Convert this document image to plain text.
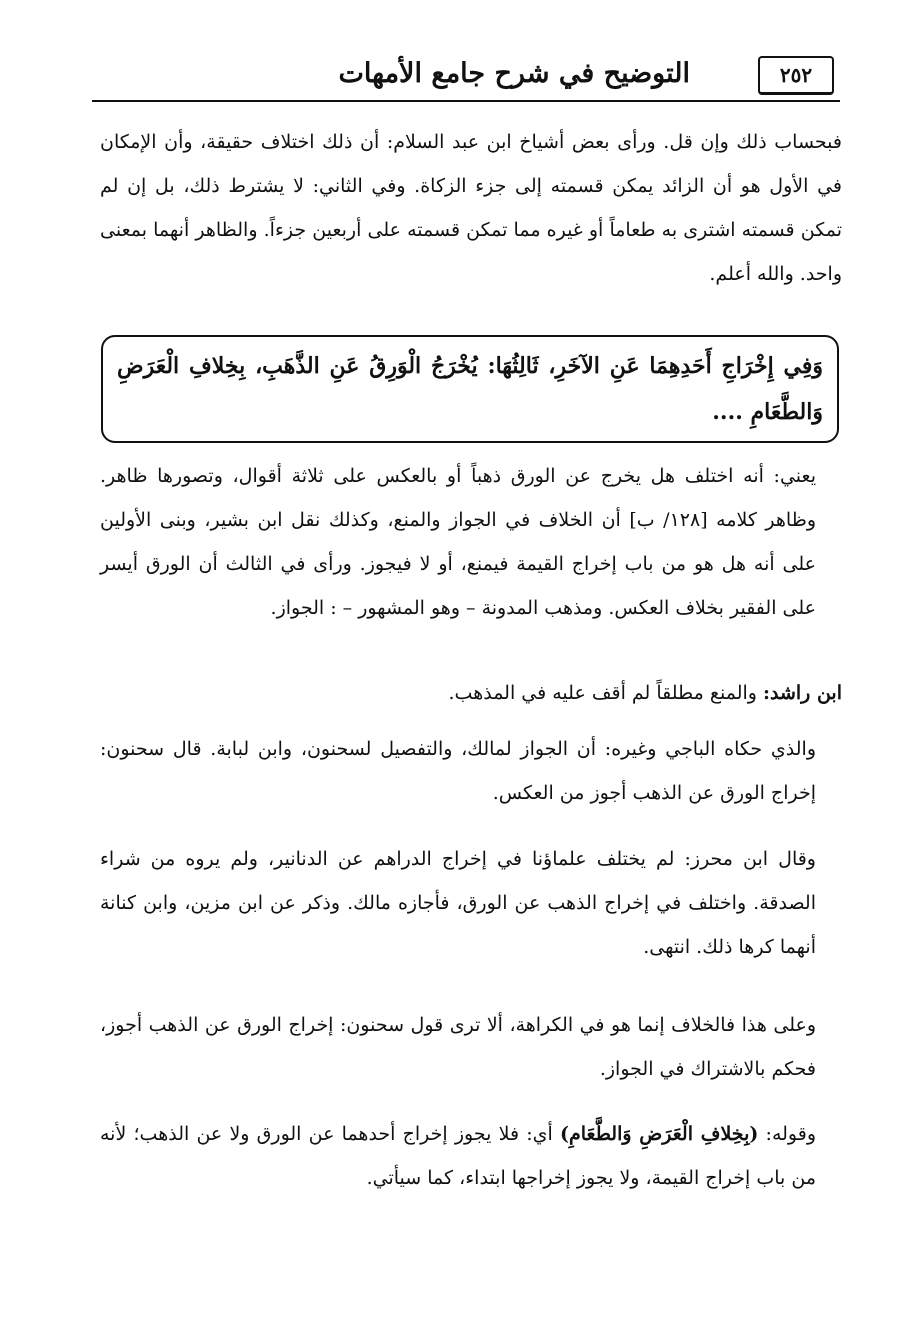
٢٥٢
التوضيح في شرح جامع الأمهات

فبحساب ذلك وإن قل. ورأى بعض أشياخ ابن عبد السلام: أن ذلك اختلاف حقيقة، وأن الإمكان في الأول هو أن الزائد يمكن قسمته إلى جزء الزكاة. وفي الثاني: لا يشترط ذلك، بل إن لم تمكن قسمته اشترى به طعاماً أو غيره مما تمكن قسمته على أربعين جزءاً. والظاهر أنهما بمعنى واحد. والله أعلم.

وَفِي إِخْرَاجِ أَحَدِهِمَا عَنِ الآخَرِ، ثَالِثُهَا: يُخْرَجُ الْوَرِقُ عَنِ الذَّهَبِ، بِخِلافِ الْعَرَضِ وَالطَّعَامِ ....

يعني: أنه اختلف هل يخرج عن الورق ذهباً أو بالعكس على ثلاثة أقوال، وتصورها ظاهر. وظاهر كلامه [١٢٨/ ب] أن الخلاف في الجواز والمنع، وكذلك نقل ابن بشير، وبنى الأولين على أنه هل هو من باب إخراج القيمة فيمنع، أو لا فيجوز. ورأى في الثالث أن الورق أيسر على الفقير بخلاف العكس. ومذهب المدونة – وهو المشهور – : الجواز.

ابن راشد: والمنع مطلقاً لم أقف عليه في المذهب.

والذي حكاه الباجي وغيره: أن الجواز لمالك، والتفصيل لسحنون، وابن لبابة. قال سحنون: إخراج الورق عن الذهب أجوز من العكس.

وقال ابن محرز: لم يختلف علماؤنا في إخراج الدراهم عن الدنانير، ولم يروه من شراء الصدقة. واختلف في إخراج الذهب عن الورق، فأجازه مالك. وذكر عن ابن مزين، وابن كنانة أنهما كرها ذلك. انتهى.

وعلى هذا فالخلاف إنما هو في الكراهة، ألا ترى قول سحنون: إخراج الورق عن الذهب أجوز، فحكم بالاشتراك في الجواز.

وقوله: (بِخِلافِ الْعَرَضِ وَالطَّعَامِ) أي: فلا يجوز إخراج أحدهما عن الورق ولا عن الذهب؛ لأنه من باب إخراج القيمة، ولا يجوز إخراجها ابتداء، كما سيأتي.
